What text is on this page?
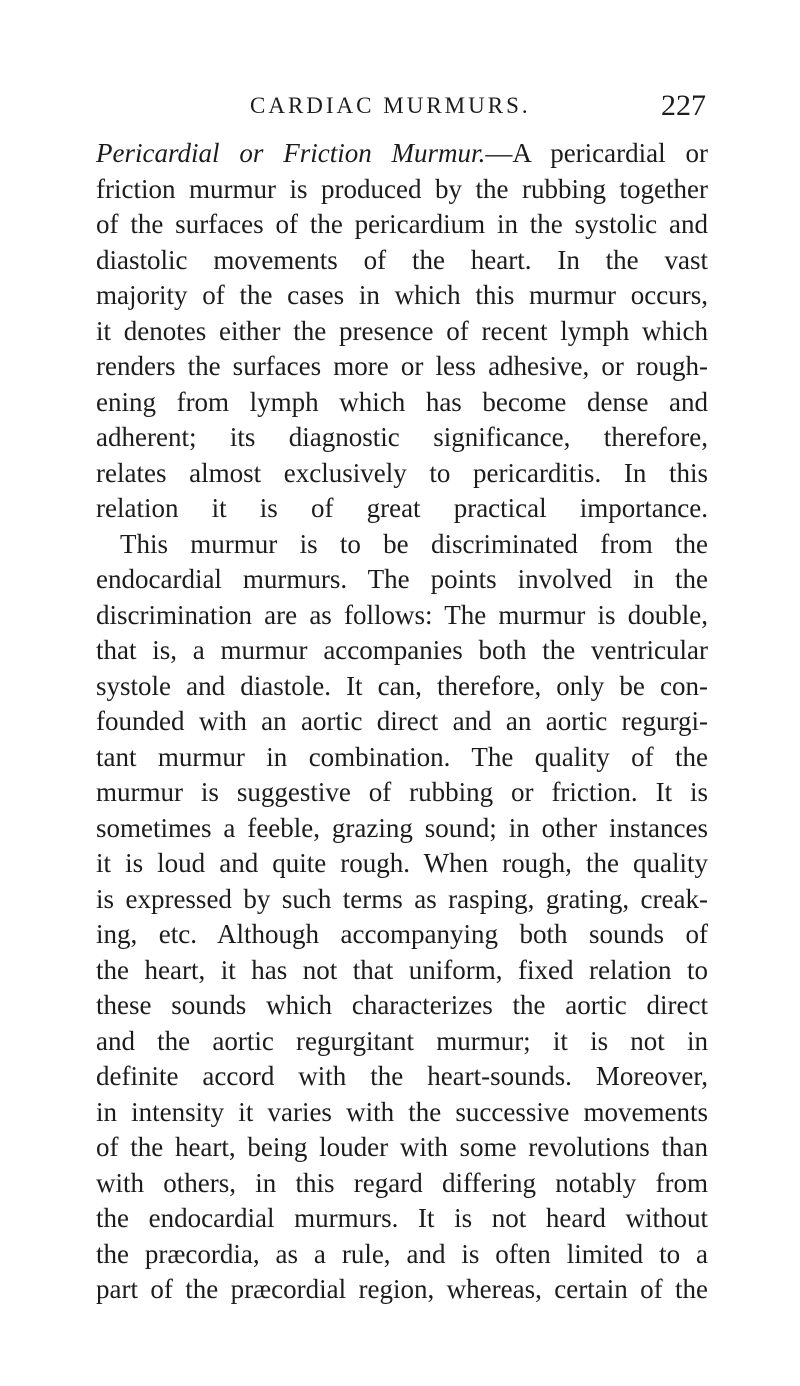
CARDIAC MURMURS.	227
Pericardial or Friction Murmur.—A pericardial or
friction murmur is produced by the rubbing together
of the surfaces of the pericardium in the systolic and
diastolic movements of the heart. In the vast
majority of the cases in which this murmur occurs,
it denotes either the presence of recent lymph which
renders the surfaces more or less adhesive, or rough-
ening from lymph which has become dense and
adherent; its diagnostic significance, therefore,
relates almost exclusively to pericarditis. In this
relation it is of great practical importance.
This murmur is to be discriminated from the
endocardial murmurs. The points involved in the
discrimination are as follows: The murmur is double,
that is, a murmur accompanies both the ventricular
systole and diastole. It can, therefore, only be con-
founded with an aortic direct and an aortic regurgi-
tant murmur in combination. The quality of the
murmur is suggestive of rubbing or friction. It is
sometimes a feeble, grazing sound; in other instances
it is loud and quite rough. When rough, the quality
is expressed by such terms as rasping, grating, creak-
ing, etc. Although accompanying both sounds of
the heart, it has not that uniform, fixed relation to
these sounds which characterizes the aortic direct
and the aortic regurgitant murmur; it is not in
definite accord with the heart-sounds. Moreover,
in intensity it varies with the successive movements
of the heart, being louder with some revolutions than
with others, in this regard differing notably from
the endocardial murmurs. It is not heard without
the præcordia, as a rule, and is often limited to a
part of the præcordial region, whereas, certain of the
